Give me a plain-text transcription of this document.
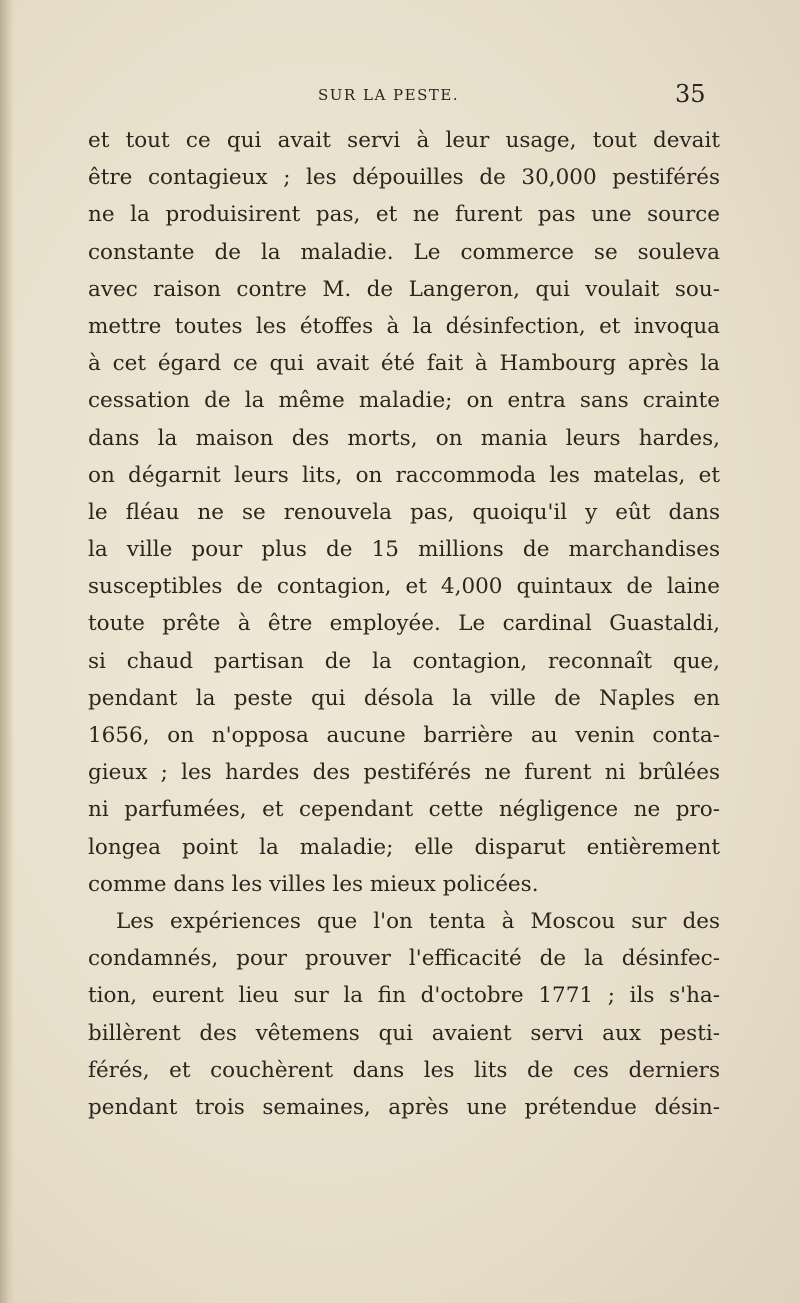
SUR LA PESTE.	35
et tout ce qui avait servi à leur usage, tout devait
être contagieux ; les dépouilles de 30,000 pestiférés
ne la produisirent pas, et ne furent pas une source
constante de la maladie. Le commerce se souleva
avec raison contre M. de Langeron, qui voulait sou-
mettre toutes les étoffes à la désinfection, et invoqua
à cet égard ce qui avait été fait à Hambourg après la
cessation de la même maladie; on entra sans crainte
dans la maison des morts, on mania leurs hardes,
on dégarnit leurs lits, on raccommoda les matelas, et
le fléau ne se renouvela pas, quoiqu'il y eût dans
la ville pour plus de 15 millions de marchandises
susceptibles de contagion, et 4,000 quintaux de laine
toute prête à être employée. Le cardinal Guastaldi,
si chaud partisan de la contagion, reconnaît que,
pendant la peste qui désola la ville de Naples en
1656, on n'opposa aucune barrière au venin conta-
gieux ; les hardes des pestiférés ne furent ni brûlées
ni parfumées, et cependant cette négligence ne pro-
longea point la maladie; elle disparut entièrement
comme dans les villes les mieux policées.
Les expériences que l'on tenta à Moscou sur des
condamnés, pour prouver l'efficacité de la désinfec-
tion, eurent lieu sur la fin d'octobre 1771 ; ils s'ha-
billèrent des vêtemens qui avaient servi aux pesti-
férés, et couchèrent dans les lits de ces derniers
pendant trois semaines, après une prétendue désin-
